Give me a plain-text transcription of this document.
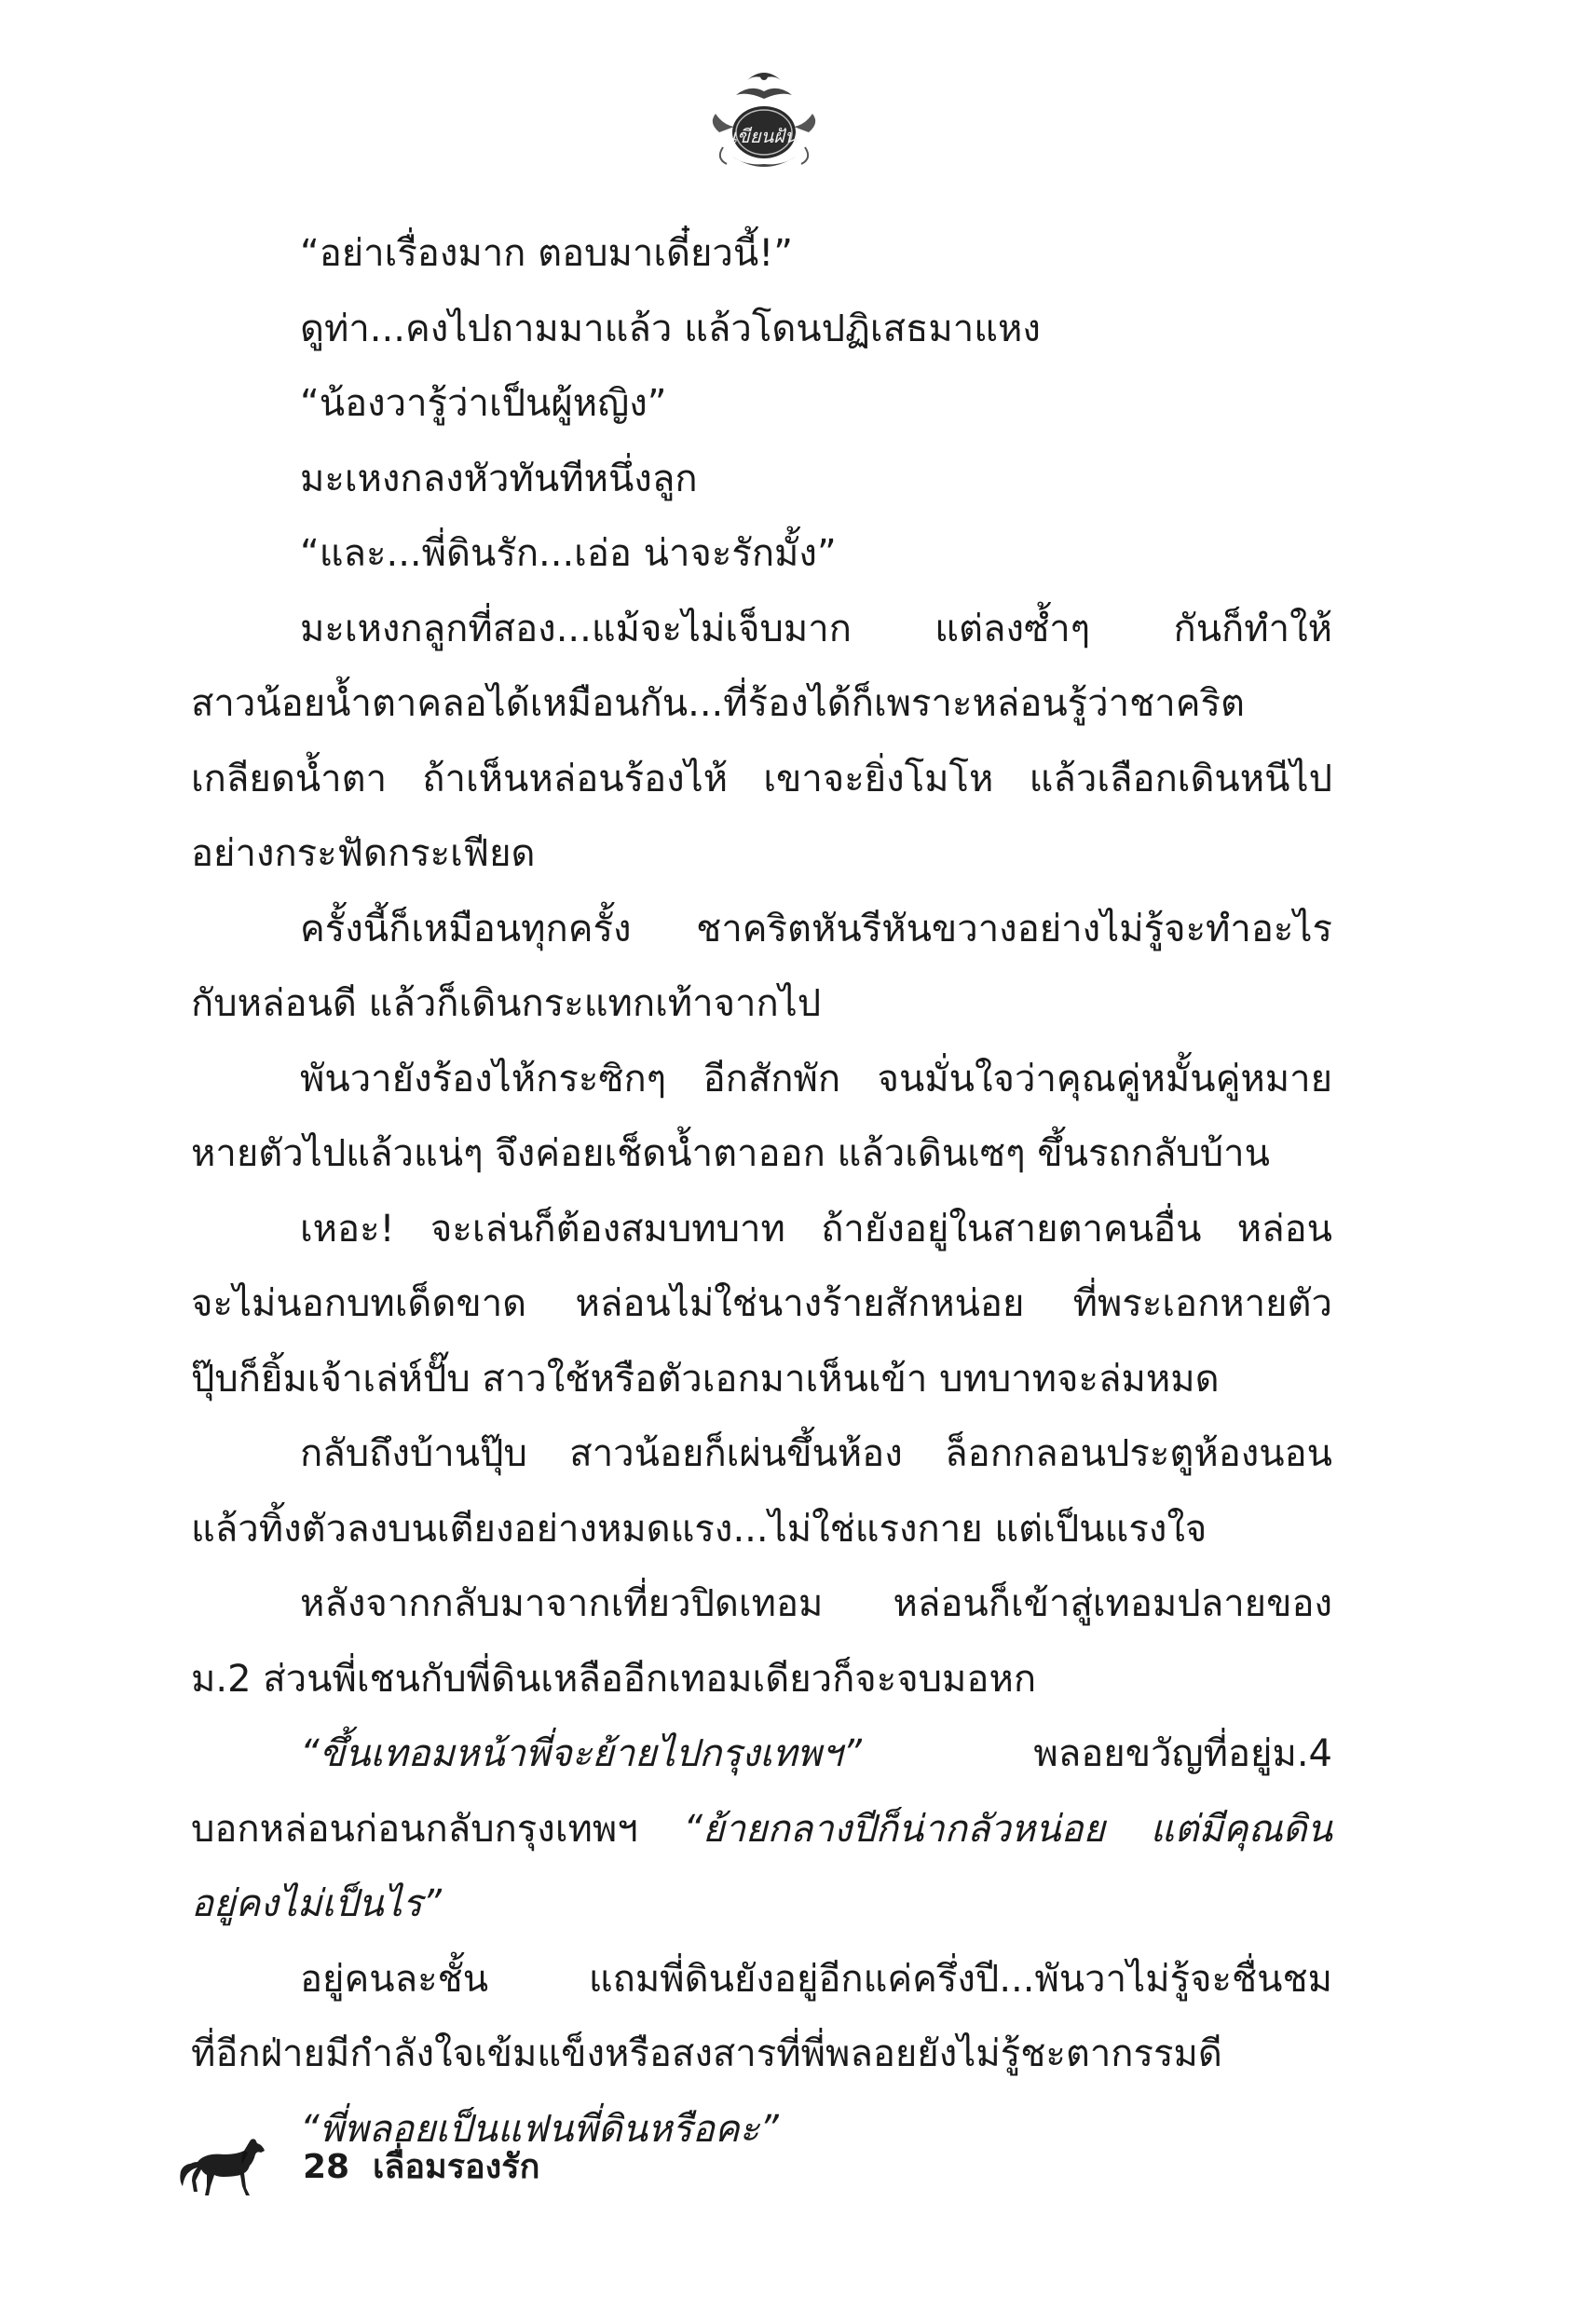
เขียนฝัน
“อย่าเรื่องมาก ตอบมาเดี๋ยวนี้!”
ดูท่า...คงไปถามมาแล้ว แล้วโดนปฏิเสธมาแหง
“น้องวารู้ว่าเป็นผู้หญิง”
มะเหงกลงหัวทันทีหนึ่งลูก
“และ...พี่ดินรัก...เอ่อ น่าจะรักมั้ง”
มะเหงกลูกที่สอง...แม้จะไม่เจ็บมาก แต่ลงซ้ำๆ กันก็ทำให้
สาวน้อยน้ำตาคลอได้เหมือนกัน...ที่ร้องได้ก็เพราะหล่อนรู้ว่าชาคริต
เกลียดน้ำตา ถ้าเห็นหล่อนร้องไห้ เขาจะยิ่งโมโห แล้วเลือกเดินหนีไป
อย่างกระฟัดกระเฟียด
ครั้งนี้ก็เหมือนทุกครั้ง ชาคริตหันรีหันขวางอย่างไม่รู้จะทำอะไร
กับหล่อนดี แล้วก็เดินกระแทกเท้าจากไป
พันวายังร้องไห้กระซิกๆ อีกสักพัก จนมั่นใจว่าคุณคู่หมั้นคู่หมาย
หายตัวไปแล้วแน่ๆ จึงค่อยเช็ดน้ำตาออก แล้วเดินเซๆ ขึ้นรถกลับบ้าน
เหอะ! จะเล่นก็ต้องสมบทบาท ถ้ายังอยู่ในสายตาคนอื่น หล่อน
จะไม่นอกบทเด็ดขาด หล่อนไม่ใช่นางร้ายสักหน่อย ที่พระเอกหายตัว
ปุ๊บก็ยิ้มเจ้าเล่ห์ปั๊บ สาวใช้หรือตัวเอกมาเห็นเข้า บทบาทจะล่มหมด
กลับถึงบ้านปุ๊บ สาวน้อยก็เผ่นขึ้นห้อง ล็อกกลอนประตูห้องนอน
แล้วทิ้งตัวลงบนเตียงอย่างหมดแรง...ไม่ใช่แรงกาย แต่เป็นแรงใจ
หลังจากกลับมาจากเที่ยวปิดเทอม หล่อนก็เข้าสู่เทอมปลายของ
ม.2 ส่วนพี่เชนกับพี่ดินเหลืออีกเทอมเดียวก็จะจบมอหก
“ขึ้นเทอมหน้าพี่จะย้ายไปกรุงเทพฯ” พลอยขวัญที่อยู่ม.4
บอกหล่อนก่อนกลับกรุงเทพฯ “ย้ายกลางปีก็น่ากลัวหน่อย แต่มีคุณดิน
อยู่คงไม่เป็นไร”
อยู่คนละชั้น แถมพี่ดินยังอยู่อีกแค่ครึ่งปี...พันวาไม่รู้จะชื่นชม
ที่อีกฝ่ายมีกำลังใจเข้มแข็งหรือสงสารที่พี่พลอยยังไม่รู้ชะตากรรมดี
“พี่พลอยเป็นแฟนพี่ดินหรือคะ”
28 เลื่อมรองรัก
